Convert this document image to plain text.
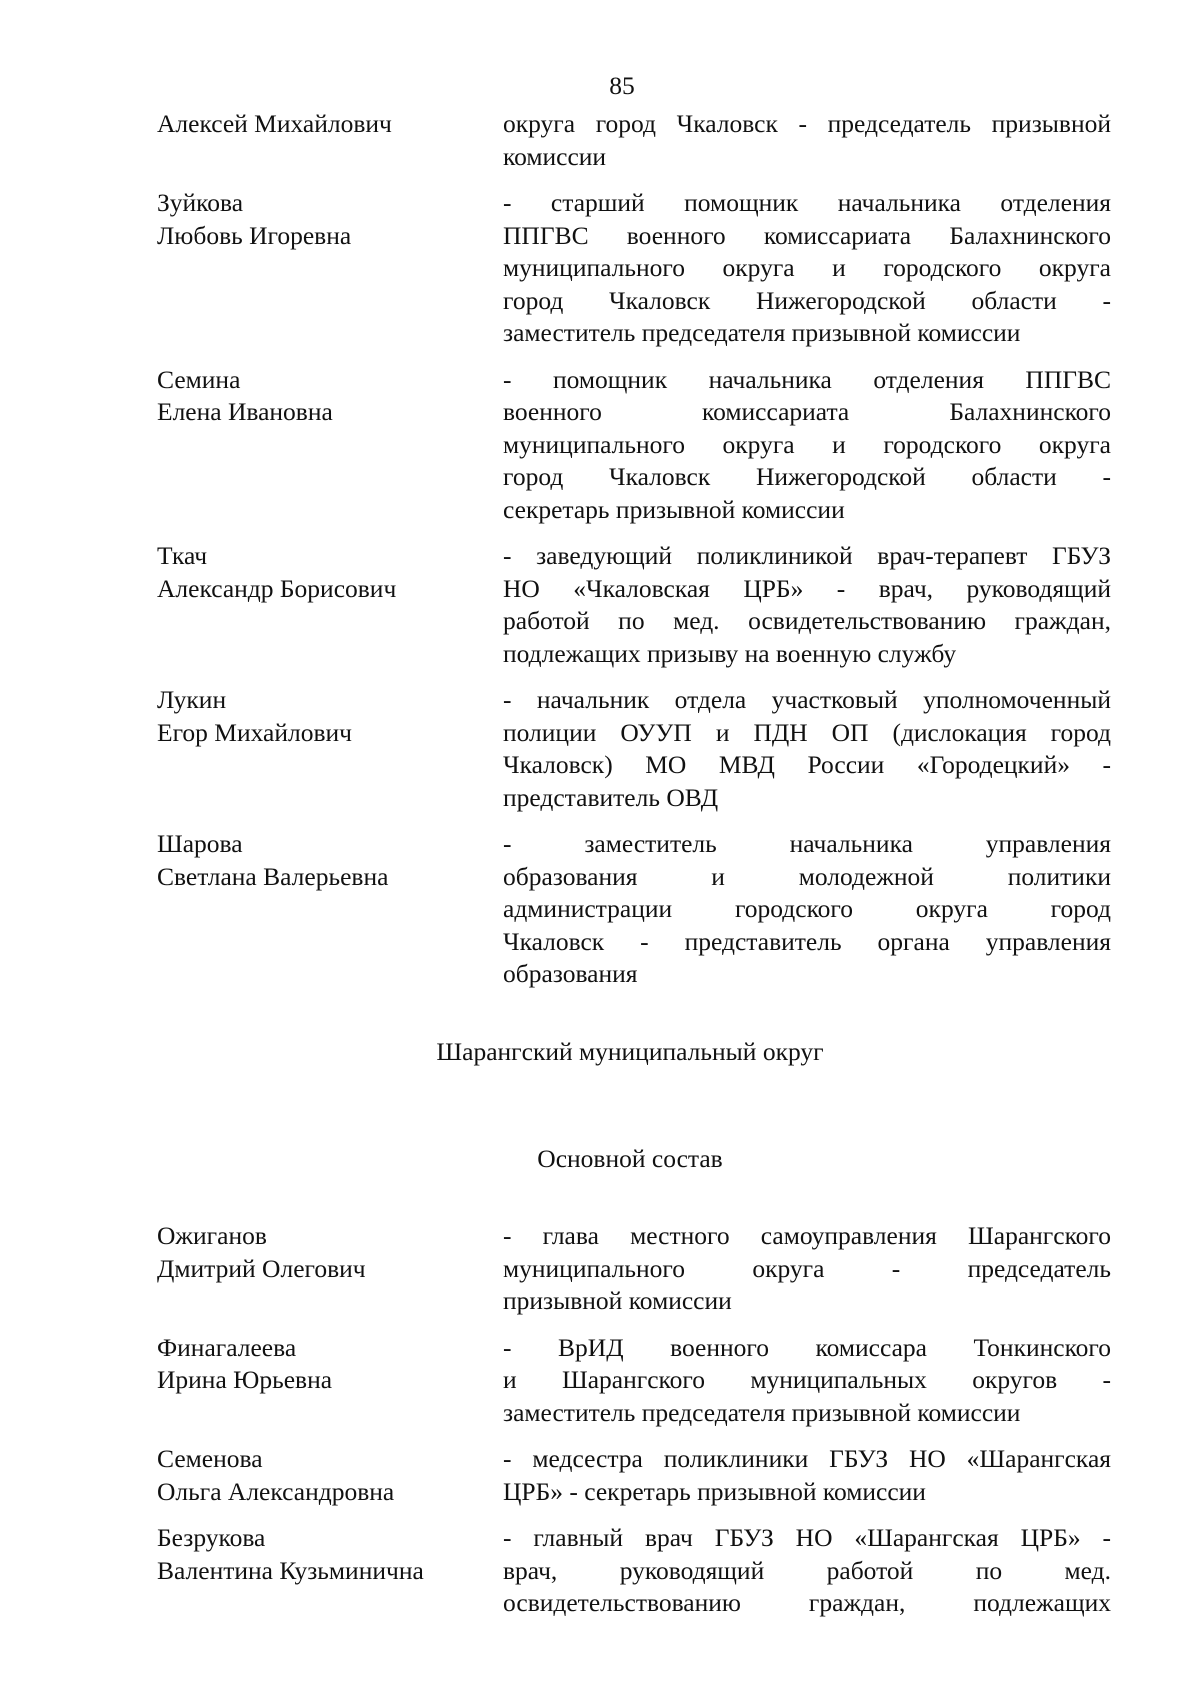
85
Алексей Михайлович	округа город Чкаловск - председатель призывной
комиссии
Зуйкова
Любовь Игоревна
- старший помощник начальника отделения
ППГВС военного комиссариата Балахнинского
муниципального округа и городского округа
город Чкаловск Нижегородской области -
заместитель председателя призывной комиссии
Семина
Елена Ивановна
- помощник начальника отделения ППГВС
военного комиссариата Балахнинского
муниципального округа и городского округа
город Чкаловск Нижегородской области -
секретарь призывной комиссии
Ткач
Александр Борисович
- заведующий поликлиникой врач-терапевт ГБУЗ
НО «Чкаловская ЦРБ» - врач, руководящий
работой по мед. освидетельствованию граждан,
подлежащих призыву на военную службу
Лукин
Егор Михайлович
- начальник отдела участковый уполномоченный
полиции ОУУП и ПДН ОП (дислокация город
Чкаловск) МО МВД России «Городецкий» -
представитель ОВД
Шарова
Светлана Валерьевна
- заместитель начальника управления
образования и молодежной политики
администрации городского округа город
Чкаловск - представитель органа управления
образования
Шарангский муниципальный округ
Основной состав
Ожиганов
Дмитрий Олегович
- глава местного самоуправления Шарангского
муниципального округа - председатель
призывной комиссии
Финагалеева
Ирина Юрьевна
- ВрИД военного комиссара Тонкинского
и Шарангского муниципальных округов -
заместитель председателя призывной комиссии
Семенова
Ольга Александровна
- медсестра поликлиники ГБУЗ НО «Шарангская
ЦРБ» - секретарь призывной комиссии
Безрукова
Валентина Кузьминична
- главный врач ГБУЗ НО «Шарангская ЦРБ» -
врач, руководящий работой по мед.
освидетельствованию граждан, подлежащих
